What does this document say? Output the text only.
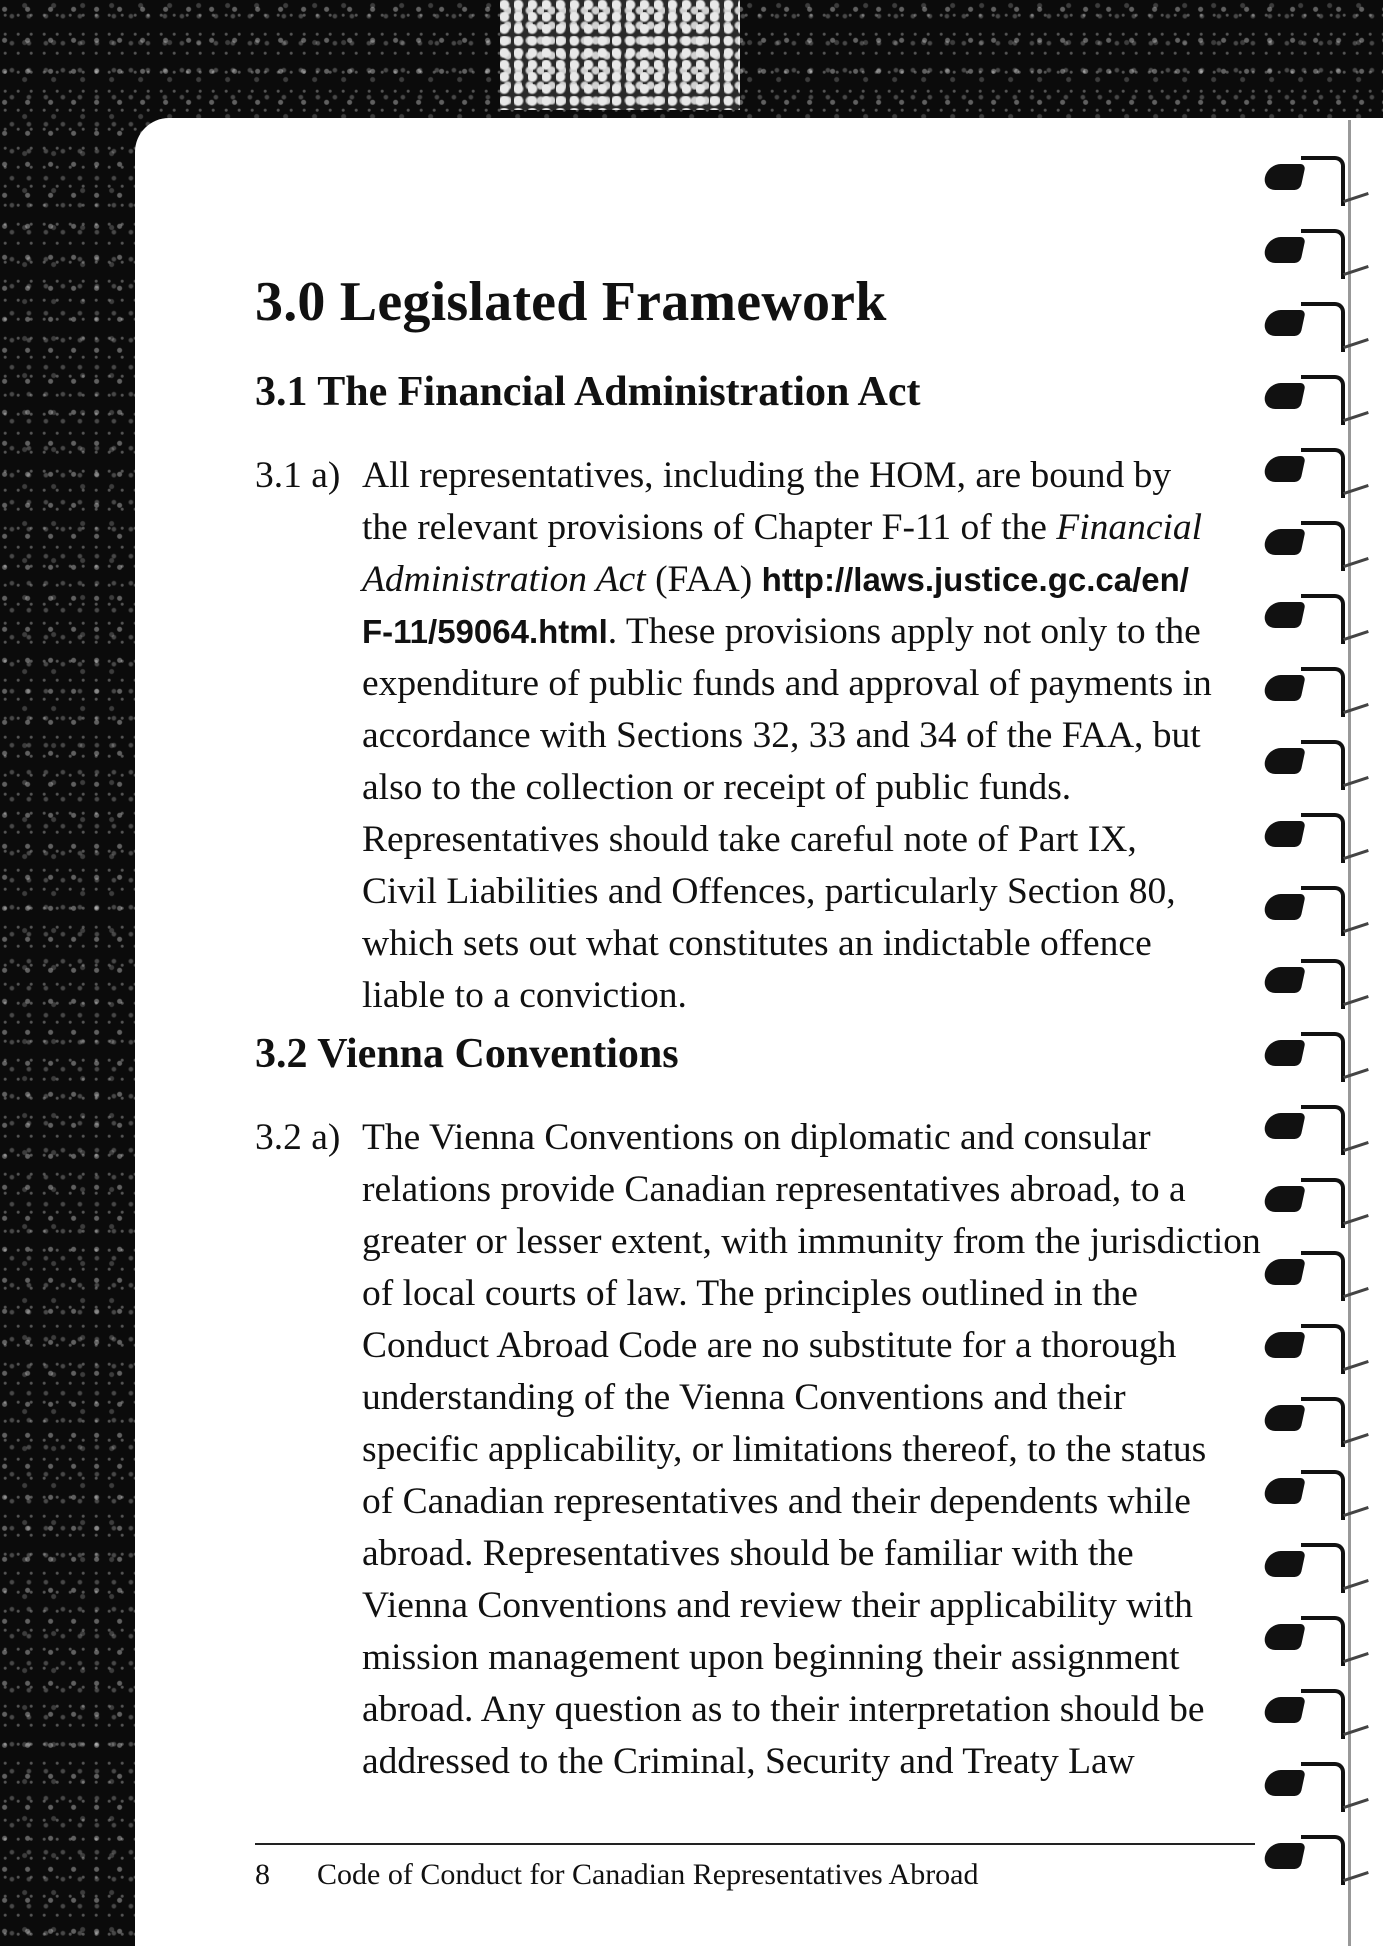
3.0 Legislated Framework
3.1 The Financial Administration Act
3.1 a) All representatives, including the HOM, are bound by
the relevant provisions of Chapter F-11 of the Financial
Administration Act (FAA) http://laws.justice.gc.ca/en/
F-11/59064.html. These provisions apply not only to the
expenditure of public funds and approval of payments in
accordance with Sections 32, 33 and 34 of the FAA, but
also to the collection or receipt of public funds.
Representatives should take careful note of Part IX,
Civil Liabilities and Offences, particularly Section 80,
which sets out what constitutes an indictable offence
liable to a conviction.
3.2 Vienna Conventions
3.2 a) The Vienna Conventions on diplomatic and consular
relations provide Canadian representatives abroad, to a
greater or lesser extent, with immunity from the jurisdiction
of local courts of law. The principles outlined in the
Conduct Abroad Code are no substitute for a thorough
understanding of the Vienna Conventions and their
specific applicability, or limitations thereof, to the status
of Canadian representatives and their dependents while
abroad. Representatives should be familiar with the
Vienna Conventions and review their applicability with
mission management upon beginning their assignment
abroad. Any question as to their interpretation should be
addressed to the Criminal, Security and Treaty Law
8 Code of Conduct for Canadian Representatives Abroad
